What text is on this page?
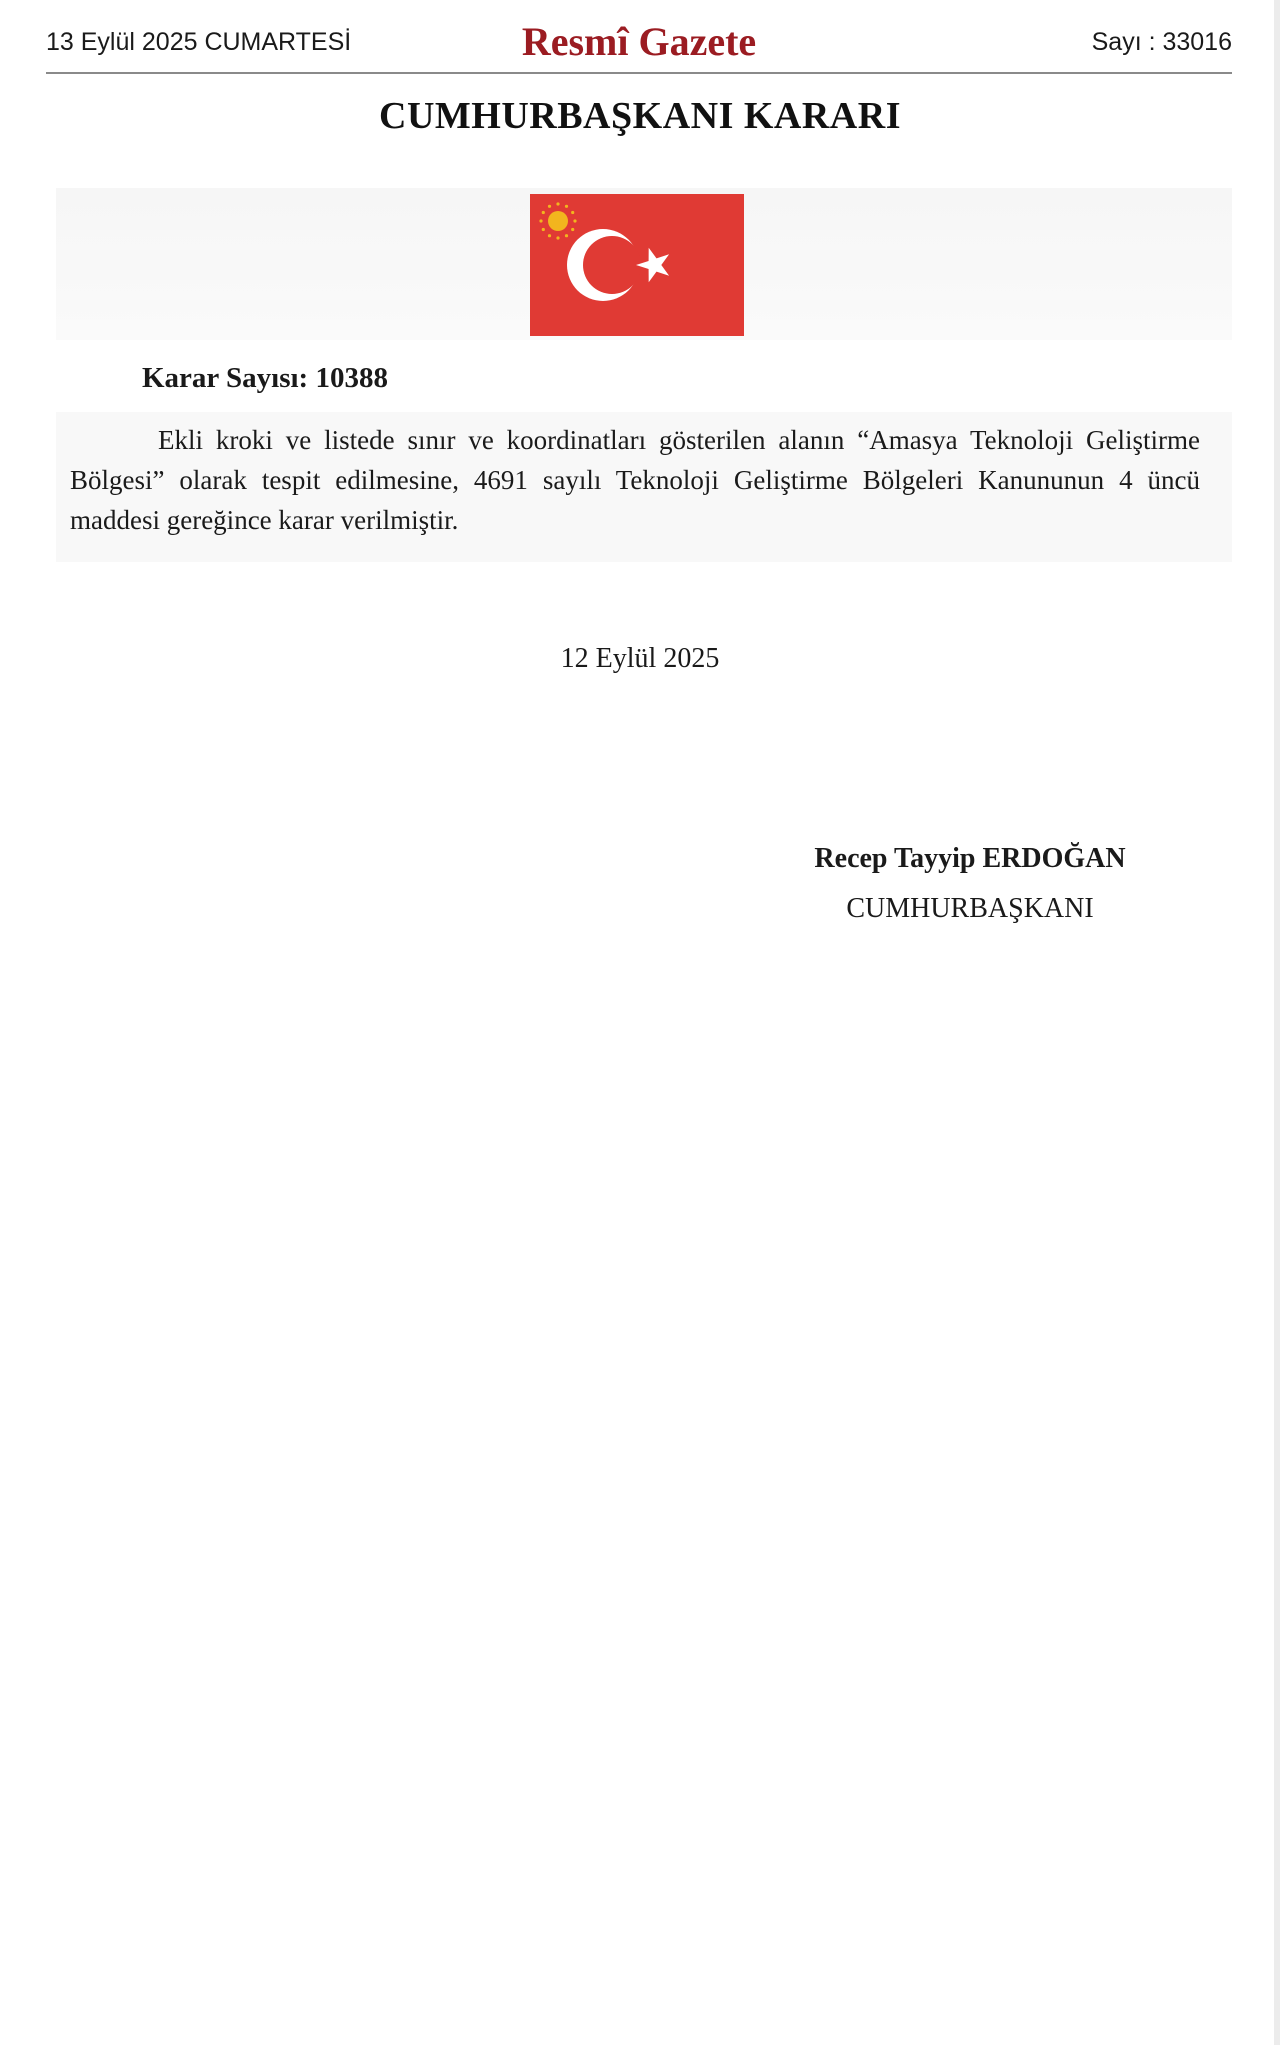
13 Eylül 2025 CUMARTESİ	Resmî Gazete	Sayı : 33016
CUMHURBAŞKANI KARARI
Karar Sayısı: 10388
Ekli kroki ve listede sınır ve koordinatları gösterilen alanın “Amasya Teknoloji Geliştirme Bölgesi” olarak tespit edilmesine, 4691 sayılı Teknoloji Geliştirme Bölgeleri Kanununun 4 üncü maddesi gereğince karar verilmiştir.
12 Eylül 2025
Recep Tayyip ERDOĞAN
CUMHURBAŞKANI
